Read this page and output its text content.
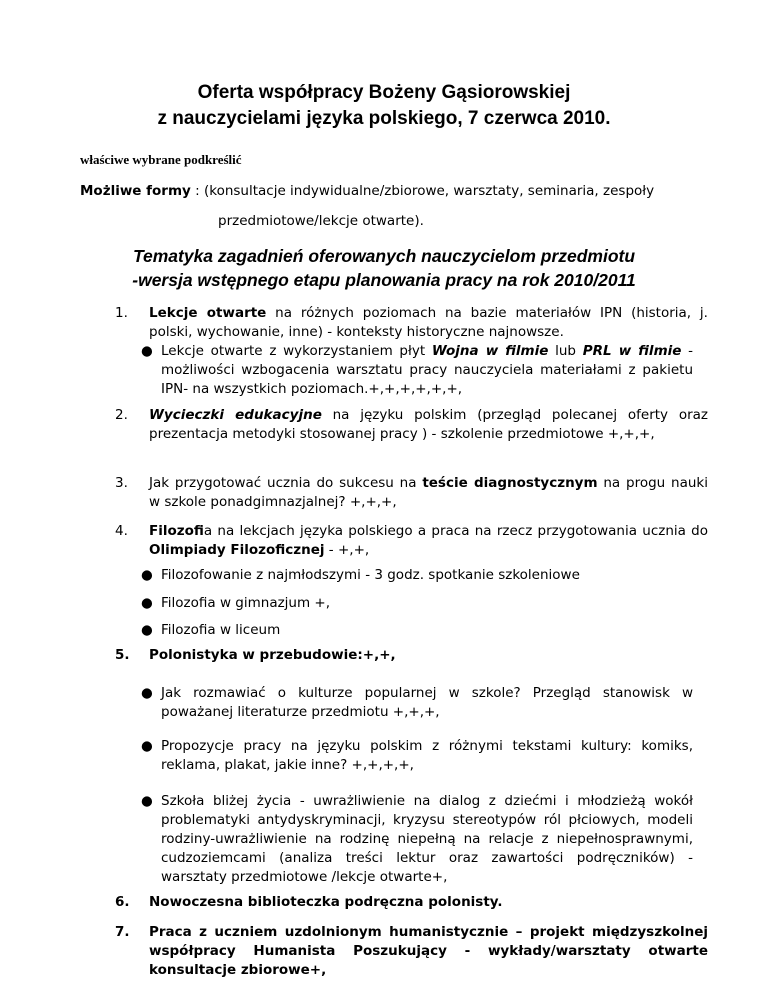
Oferta współpracy Bożeny Gąsiorowskiej
z nauczycielami języka polskiego, 7 czerwca 2010.
właściwe wybrane podkreślić
Możliwe formy : (konsultacje indywidualne/zbiorowe, warsztaty, seminaria, zespoły
przedmiotowe/lekcje otwarte).
Tematyka zagadnień oferowanych nauczycielom przedmiotu
-wersja wstępnego etapu planowania pracy na rok 2010/2011
1. Lekcje otwarte na różnych poziomach na bazie materiałów IPN (historia, j. polski, wychowanie, inne) - konteksty historyczne najnowsze.
● Lekcje otwarte z wykorzystaniem płyt Wojna w filmie lub PRL w filmie - możliwości wzbogacenia warsztatu pracy nauczyciela materiałami z pakietu IPN- na wszystkich poziomach.+,+,+,+,+,+,
2. Wycieczki edukacyjne na języku polskim (przegląd polecanej oferty oraz prezentacja metodyki stosowanej pracy ) - szkolenie przedmiotowe +,+,+,
3. Jak przygotować ucznia do sukcesu na teście diagnostycznym na progu nauki w szkole ponadgimnazjalnej? +,+,+,
4. Filozofia na lekcjach języka polskiego a praca na rzecz przygotowania ucznia do Olimpiady Filozoficznej - +,+,
● Filozofowanie z najmłodszymi - 3 godz. spotkanie szkoleniowe
● Filozofia w gimnazjum +,
● Filozofia w liceum
5. Polonistyka w przebudowie:+,+,
● Jak rozmawiać o kulturze popularnej w szkole? Przegląd stanowisk w poważanej literaturze przedmiotu +,+,+,
● Propozycje pracy na języku polskim z różnymi tekstami kultury: komiks, reklama, plakat, jakie inne? +,+,+,+,
● Szkoła bliżej życia - uwrażliwienie na dialog z dziećmi i młodzieżą wokół problematyki antydyskryminacji, kryzysu stereotypów ról płciowych, modeli rodziny-uwrażliwienie na rodzinę niepełną na relacje z niepełnosprawnymi, cudzoziemcami (analiza treści lektur oraz zawartości podręczników) - warsztaty przedmiotowe /lekcje otwarte+,
6. Nowoczesna biblioteczka podręczna polonisty.
7. Praca z uczniem uzdolnionym humanistycznie – projekt międzyszkolnej współpracy Humanista Poszukujący - wykłady/warsztaty otwarte konsultacje zbiorowe+,
